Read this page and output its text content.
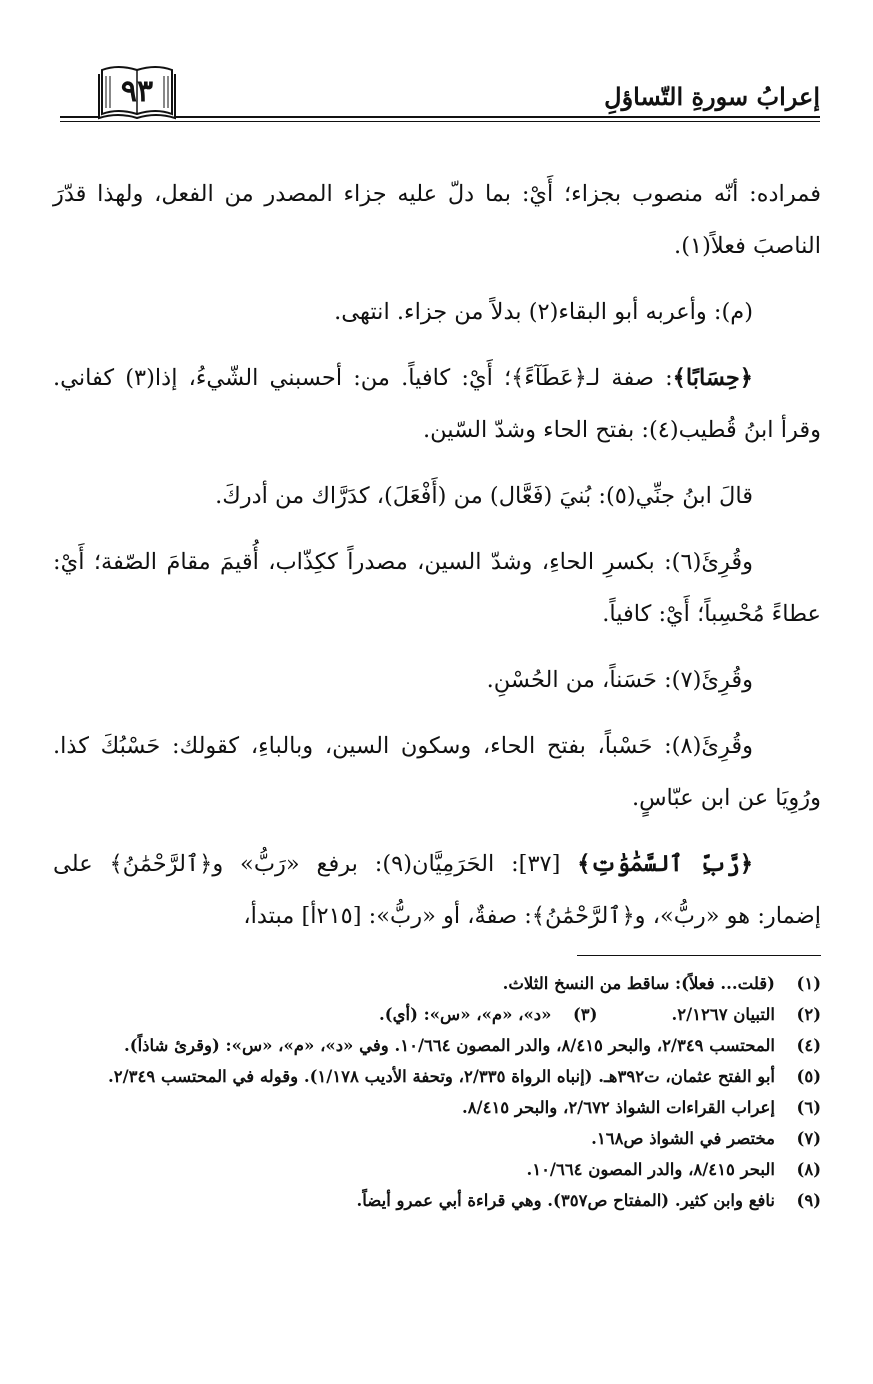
إعرابُ سورةِ التّساؤلِ
٩٣

فمراده: أنّه منصوب بجزاء؛ أَيْ: بما دلّ عليه جزاء المصدر من الفعل، ولهذا قدّرَ الناصبَ فعلاً(١).

(م): وأعربه أبو البقاء(٢) بدلاً من جزاء. انتهى.

﴿حِسَابًا﴾: صفة لـ﴿عَطَآءً﴾؛ أَيْ: كافياً. من: أحسبني الشّيءُ، إذا(٣) كفاني. وقرأ ابنُ قُطيب(٤): بفتح الحاء وشدّ السّين.

قالَ ابنُ جنِّي(٥): بُنيَ (فَعَّال) من (أَفْعَلَ)، كدَرَّاك من أدركَ.

وقُرِئَ(٦): بكسرِ الحاءِ، وشدّ السين، مصدراً ككِذّاب، أُقيمَ مقامَ الصّفة؛ أَيْ: عطاءً مُحْسِباً؛ أَيْ: كافياً.

وقُرِئَ(٧): حَسَناً، من الحُسْنِ.

وقُرِئَ(٨): حَسْباً، بفتح الحاء، وسكون السين، وبالباءِ، كقولك: حَسْبُكَ كذا. ورُوِيَا عن ابن عبّاسٍ.

﴿رَّبِّ ٱلسَّمَٰوَٰتِ﴾ [٣٧]: الحَرَمِيَّان(٩): برفع «رَبُّ» و﴿ٱلرَّحْمَٰنُ﴾ على إضمار: هو «ربُّ»، و﴿ٱلرَّحْمَٰنُ﴾: صفةٌ، أو «ربُّ»: [٢١٥أ] مبتدأ،

(١)
(قلت... فعلاً): ساقط من النسخ الثلاث.
(٢)
التبيان ٢/١٢٦٧.
(٣)
«د»، «م»، «س»: (أي).
(٤)
المحتسب ٢/٣٤٩، والبحر ٨/٤١٥، والدر المصون ١٠/٦٦٤. وفي «د»، «م»، «س»: (وقرئ شاذاً).
(٥)
أبو الفتح عثمان، ت٣٩٢هـ. (إنباه الرواة ٢/٣٣٥، وتحفة الأديب ١/١٧٨). وقوله في المحتسب ٢/٣٤٩.
(٦)
إعراب القراءات الشواذ ٢/٦٧٢، والبحر ٨/٤١٥.
(٧)
مختصر في الشواذ ص١٦٨.
(٨)
البحر ٨/٤١٥، والدر المصون ١٠/٦٦٤.
(٩)
نافع وابن كثير. (المفتاح ص٣٥٧). وهي قراءة أبي عمرو أيضاً.
